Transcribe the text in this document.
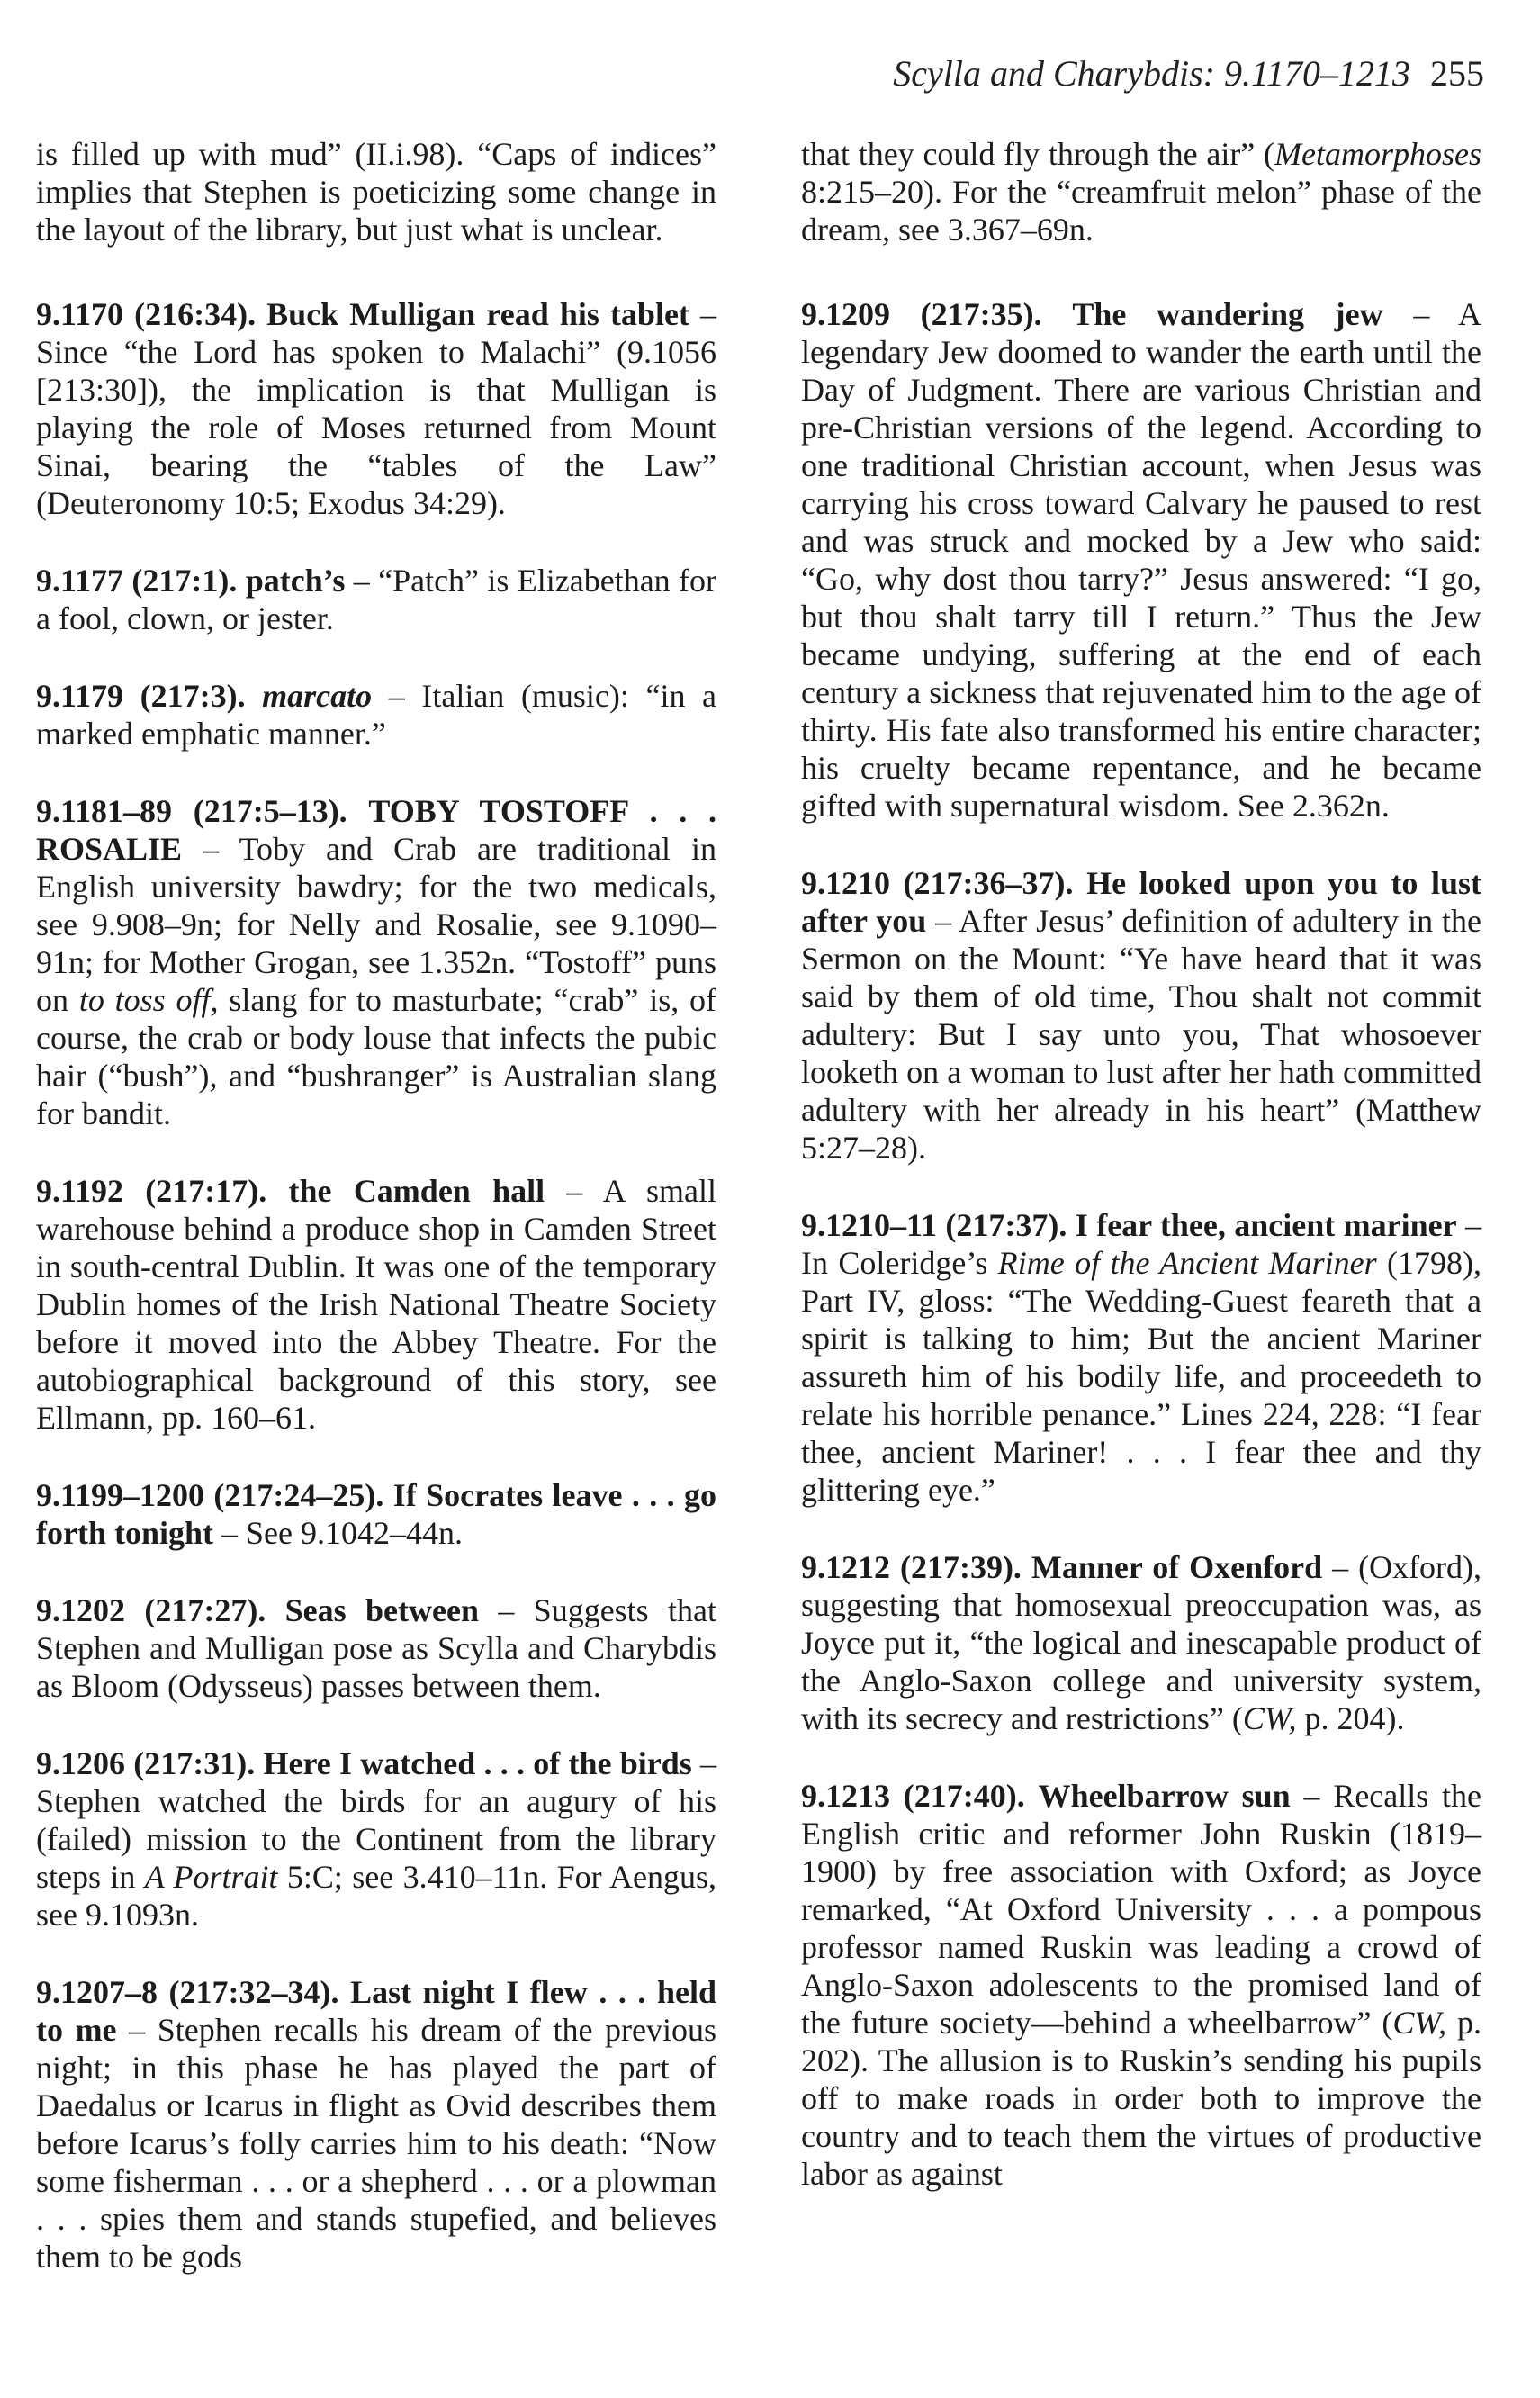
Scylla and Charybdis: 9.1170–1213 255

is filled up with mud” (II.i.98). “Caps of indices” implies that Stephen is poeticizing some change in the layout of the library, but just what is unclear.

9.1170 (216:34). Buck Mulligan read his tablet – Since “the Lord has spoken to Malachi” (9.1056 [213:30]), the implication is that Mulligan is playing the role of Moses returned from Mount Sinai, bearing the “tables of the Law” (Deuteronomy 10:5; Exodus 34:29).

9.1177 (217:1). patch’s – “Patch” is Elizabethan for a fool, clown, or jester.

9.1179 (217:3). marcato – Italian (music): “in a marked emphatic manner.”

9.1181–89 (217:5–13). TOBY TOSTOFF . . . ROSALIE – Toby and Crab are traditional in English university bawdry; for the two medicals, see 9.908–9n; for Nelly and Rosalie, see 9.1090–91n; for Mother Grogan, see 1.352n. “Tostoff” puns on to toss off, slang for to masturbate; “crab” is, of course, the crab or body louse that infects the pubic hair (“bush”), and “bushranger” is Australian slang for bandit.

9.1192 (217:17). the Camden hall – A small warehouse behind a produce shop in Camden Street in south-central Dublin. It was one of the temporary Dublin homes of the Irish National Theatre Society before it moved into the Abbey Theatre. For the autobiographical background of this story, see Ellmann, pp. 160–61.

9.1199–1200 (217:24–25). If Socrates leave . . . go forth tonight – See 9.1042–44n.

9.1202 (217:27). Seas between – Suggests that Stephen and Mulligan pose as Scylla and Charybdis as Bloom (Odysseus) passes between them.

9.1206 (217:31). Here I watched . . . of the birds – Stephen watched the birds for an augury of his (failed) mission to the Continent from the library steps in A Portrait 5:C; see 3.410–11n. For Aengus, see 9.1093n.

9.1207–8 (217:32–34). Last night I flew . . . held to me – Stephen recalls his dream of the previous night; in this phase he has played the part of Daedalus or Icarus in flight as Ovid describes them before Icarus’s folly carries him to his death: “Now some fisherman . . . or a shepherd . . . or a plowman . . . spies them and stands stupefied, and believes them to be gods

that they could fly through the air” (Metamorphoses 8:215–20). For the “creamfruit melon” phase of the dream, see 3.367–69n.

9.1209 (217:35). The wandering jew – A legendary Jew doomed to wander the earth until the Day of Judgment. There are various Christian and pre-Christian versions of the legend. According to one traditional Christian account, when Jesus was carrying his cross toward Calvary he paused to rest and was struck and mocked by a Jew who said: “Go, why dost thou tarry?” Jesus answered: “I go, but thou shalt tarry till I return.” Thus the Jew became undying, suffering at the end of each century a sickness that rejuvenated him to the age of thirty. His fate also transformed his entire character; his cruelty became repentance, and he became gifted with supernatural wisdom. See 2.362n.

9.1210 (217:36–37). He looked upon you to lust after you – After Jesus’ definition of adultery in the Sermon on the Mount: “Ye have heard that it was said by them of old time, Thou shalt not commit adultery: But I say unto you, That whosoever looketh on a woman to lust after her hath committed adultery with her already in his heart” (Matthew 5:27–28).

9.1210–11 (217:37). I fear thee, ancient mariner – In Coleridge’s Rime of the Ancient Mariner (1798), Part IV, gloss: “The Wedding-Guest feareth that a spirit is talking to him; But the ancient Mariner assureth him of his bodily life, and proceedeth to relate his horrible penance.” Lines 224, 228: “I fear thee, ancient Mariner! . . . I fear thee and thy glittering eye.”

9.1212 (217:39). Manner of Oxenford – (Oxford), suggesting that homosexual preoccupation was, as Joyce put it, “the logical and inescapable product of the Anglo-Saxon college and university system, with its secrecy and restrictions” (CW, p. 204).

9.1213 (217:40). Wheelbarrow sun – Recalls the English critic and reformer John Ruskin (1819–1900) by free association with Oxford; as Joyce remarked, “At Oxford University . . . a pompous professor named Ruskin was leading a crowd of Anglo-Saxon adolescents to the promised land of the future society—behind a wheelbarrow” (CW, p. 202). The allusion is to Ruskin’s sending his pupils off to make roads in order both to improve the country and to teach them the virtues of productive labor as against
